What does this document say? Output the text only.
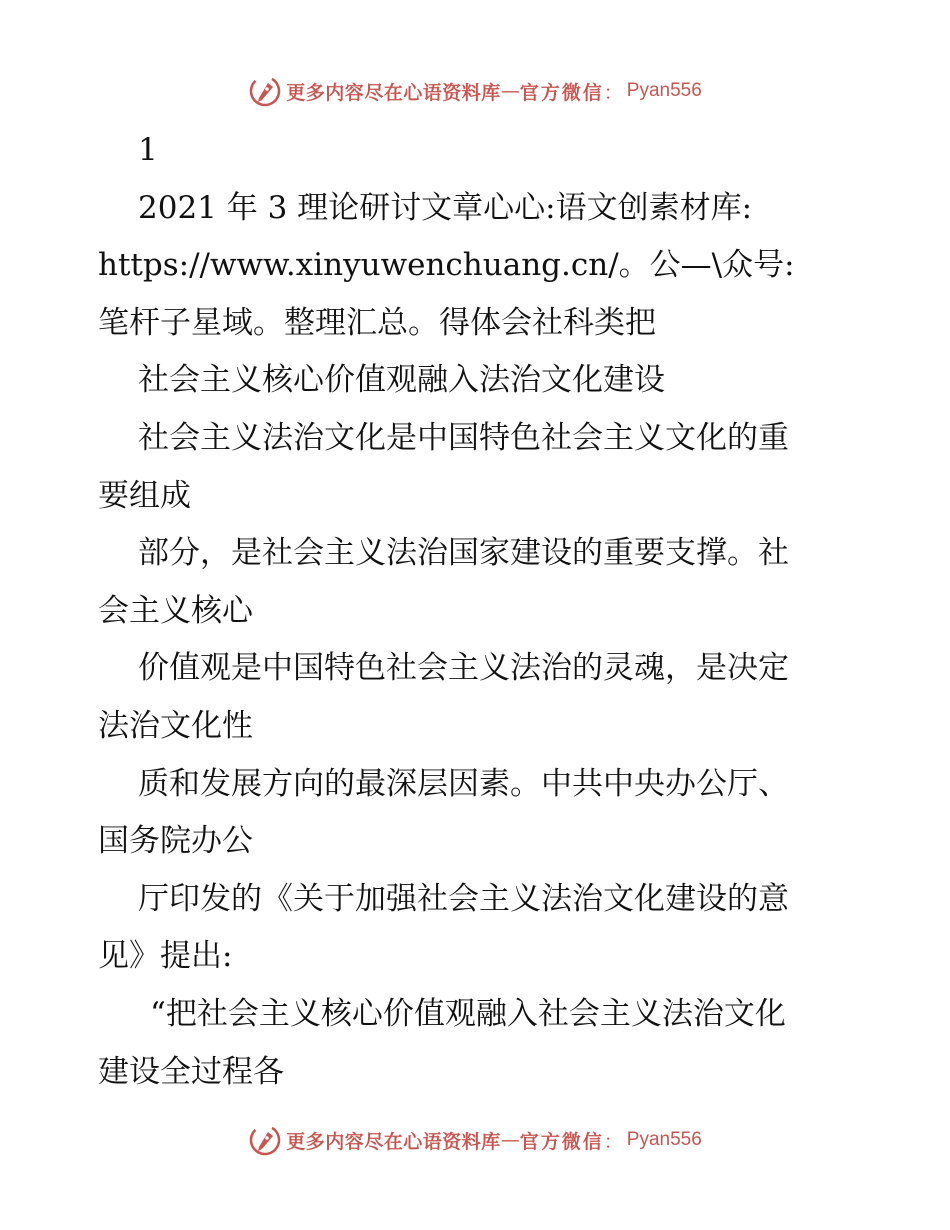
更多内容尽在心语资料库 — 官方微信 ： Pyan556
1
2021 年 3 理论研讨文章心心:语文创素材库:
https://www.xinyuwenchuang.cn/。公—\众号:
笔杆子星域。整理汇总。得体会社科类把
社会主义核心价值观融入法治文化建设
社会主义法治文化是中国特色社会主义文化的重
要组成
部分，是社会主义法治国家建设的重要支撑。社
会主义核心
价值观是中国特色社会主义法治的灵魂，是决定
法治文化性
质和发展方向的最深层因素。中共中央办公厅、
国务院办公
厅印发的《关于加强社会主义法治文化建设的意
见》提出:
“把社会主义核心价值观融入社会主义法治文化
建设全过程各
更多内容尽在心语资料库 — 官方微信 ： Pyan556
